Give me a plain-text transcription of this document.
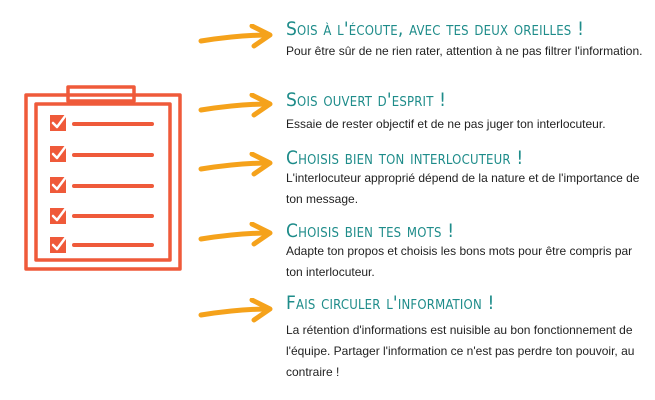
Sois à l'écoute, avec tes deux oreilles !

Pour être sûr de ne rien rater, attention à ne pas filtrer l'information.

Sois ouvert d'esprit !

Essaie de rester objectif et de ne pas juger ton interlocuteur.

Choisis bien ton interlocuteur !

L'interlocuteur approprié dépend de la nature et de l'importance de ton message.

Choisis bien tes mots !

Adapte ton propos et choisis les bons mots pour être compris par ton interlocuteur.

Fais circuler l'information !

La rétention d'informations est nuisible au bon fonctionnement de l'équipe. Partager l'information ce n'est pas perdre ton pouvoir, au contraire !
